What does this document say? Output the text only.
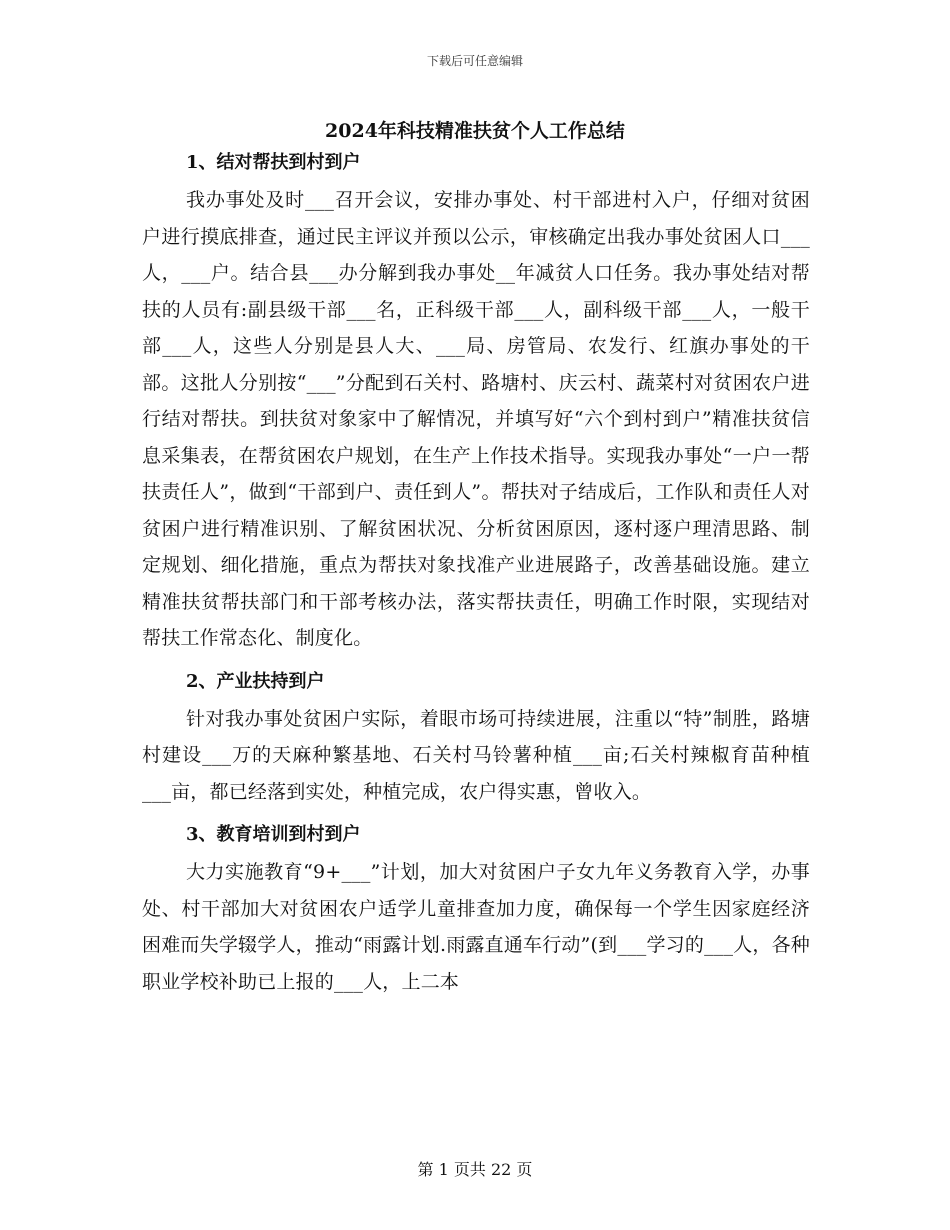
下载后可任意编辑
2024年科技精准扶贫个人工作总结
1、结对帮扶到村到户

我办事处及时___召开会议，安排办事处、村干部进村入户，仔细对贫困户进行摸底排查，通过民主评议并预以公示，审核确定出我办事处贫困人口___人，___户。结合县___办分解到我办事处__年减贫人口任务。我办事处结对帮扶的人员有:副县级干部___名，正科级干部___人，副科级干部___人，一般干部___人，这些人分别是县人大、___局、房管局、农发行、红旗办事处的干部。这批人分别按“___”分配到石关村、路塘村、庆云村、蔬菜村对贫困农户进行结对帮扶。到扶贫对象家中了解情况，并填写好“六个到村到户”精准扶贫信息采集表，在帮贫困农户规划，在生产上作技术指导。实现我办事处“一户一帮扶责任人”，做到“干部到户、责任到人”。帮扶对子结成后，工作队和责任人对贫困户进行精准识别、了解贫困状况、分析贫困原因，逐村逐户理清思路、制定规划、细化措施，重点为帮扶对象找准产业进展路子，改善基础设施。建立精准扶贫帮扶部门和干部考核办法，落实帮扶责任，明确工作时限，实现结对帮扶工作常态化、制度化。

2、产业扶持到户

针对我办事处贫困户实际，着眼市场可持续进展，注重以“特”制胜，路塘村建设___万的天麻种繁基地、石关村马铃薯种植___亩;石关村辣椒育苗种植___亩，都已经落到实处，种植完成，农户得实惠，曾收入。

3、教育培训到村到户

大力实施教育“9+___”计划，加大对贫困户子女九年义务教育入学，办事处、村干部加大对贫困农户适学儿童排查加力度，确保每一个学生因家庭经济困难而失学辍学人，推动“雨露计划.雨露直通车行动”(到___学习的___人，各种职业学校补助已上报的___人，上二本

第 1 页共 22 页
